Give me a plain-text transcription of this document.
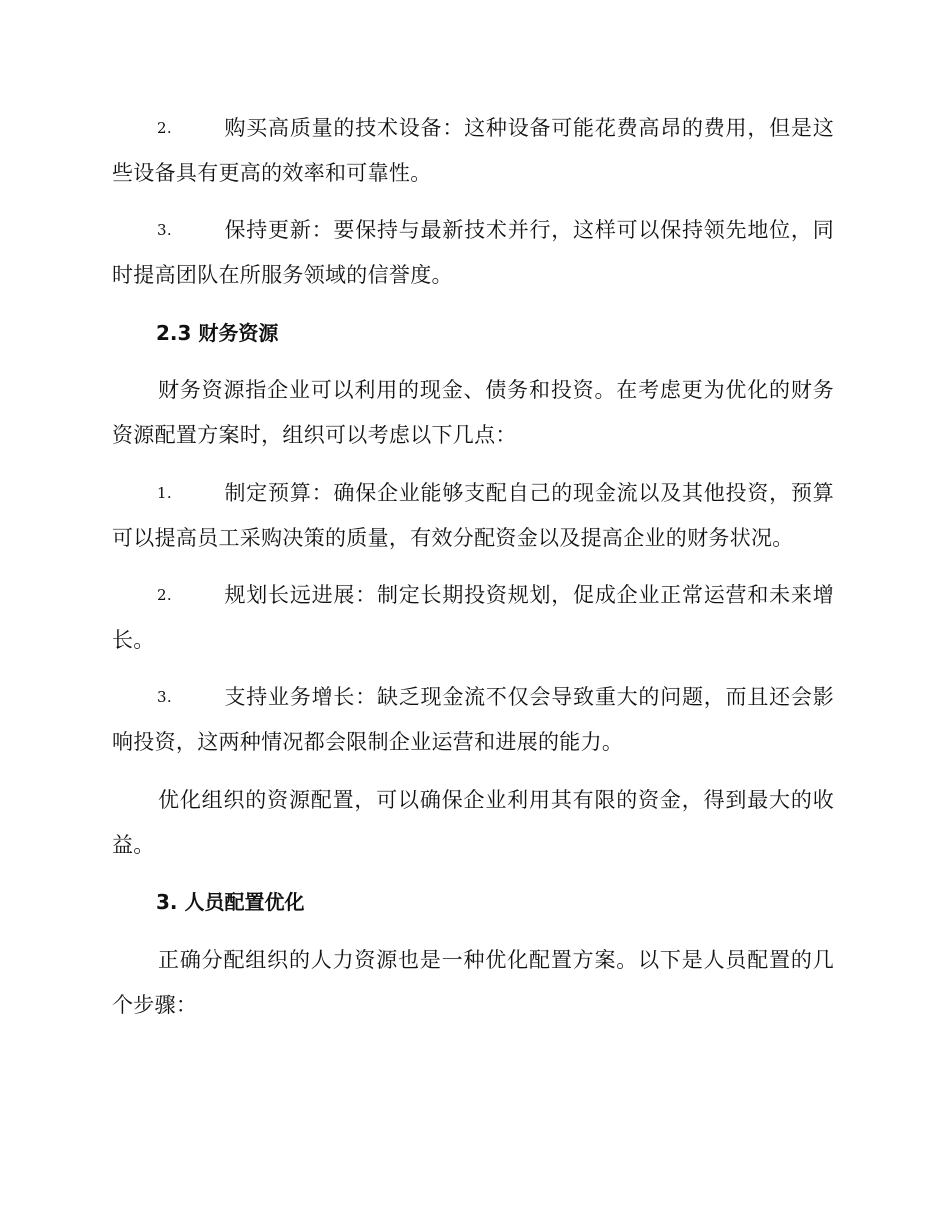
2. 购买高质量的技术设备：这种设备可能花费高昂的费用，但是这些设备具有更高的效率和可靠性。

3. 保持更新：要保持与最新技术并行，这样可以保持领先地位，同时提高团队在所服务领域的信誉度。

2.3 财务资源

财务资源指企业可以利用的现金、债务和投资。在考虑更为优化的财务资源配置方案时，组织可以考虑以下几点：

1. 制定预算：确保企业能够支配自己的现金流以及其他投资，预算可以提高员工采购决策的质量，有效分配资金以及提高企业的财务状况。

2. 规划长远进展：制定长期投资规划，促成企业正常运营和未来增长。

3. 支持业务增长：缺乏现金流不仅会导致重大的问题，而且还会影响投资，这两种情况都会限制企业运营和进展的能力。

优化组织的资源配置，可以确保企业利用其有限的资金，得到最大的收益。

3. 人员配置优化

正确分配组织的人力资源也是一种优化配置方案。以下是人员配置的几个步骤：
